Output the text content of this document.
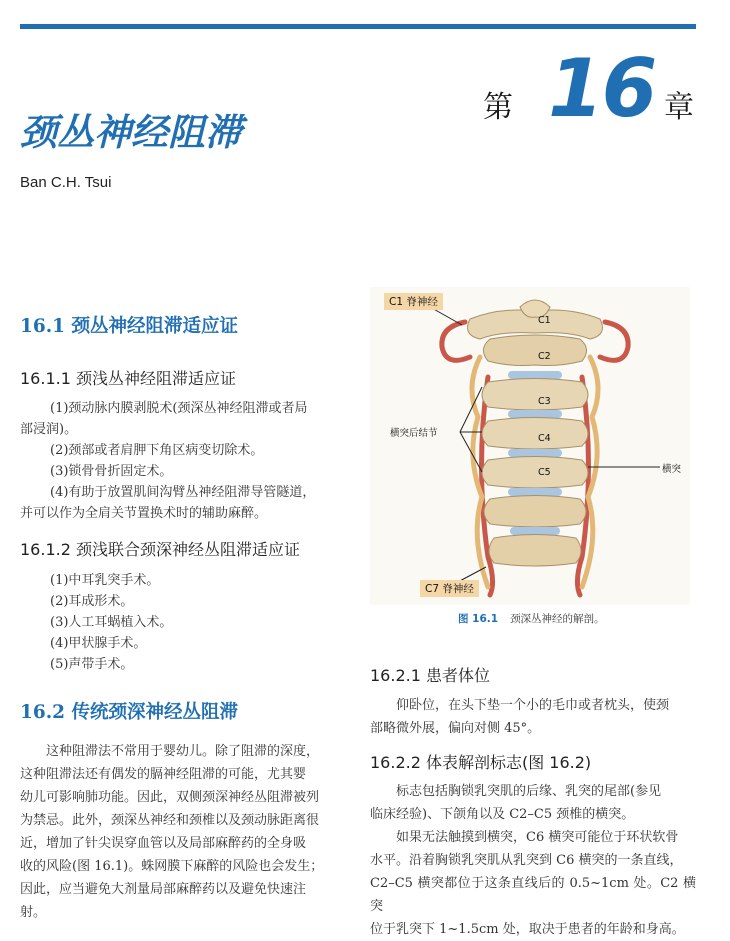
第 16 章
颈丛神经阻滞
Ban C.H. Tsui
16.1 颈丛神经阻滞适应证
16.1.1 颈浅丛神经阻滞适应证
(1)颈动脉内膜剥脱术(颈深丛神经阻滞或者局
部浸润)。
(2)颈部或者肩胛下角区病变切除术。
(3)锁骨骨折固定术。
(4)有助于放置肌间沟臂丛神经阻滞导管隧道，
并可以作为全肩关节置换术时的辅助麻醉。
16.1.2 颈浅联合颈深神经丛阻滞适应证
(1)中耳乳突手术。
(2)耳成形术。
(3)人工耳蜗植入术。
(4)甲状腺手术。
(5)声带手术。
16.2 传统颈深神经丛阻滞
这种阻滞法不常用于婴幼儿。除了阻滞的深度，
这种阻滞法还有偶发的膈神经阻滞的可能，尤其婴
幼儿可影响肺功能。因此，双侧颈深神经丛阻滞被列
为禁忌。此外，颈深丛神经和颈椎以及颈动脉距离很
近，增加了针尖误穿血管以及局部麻醉药的全身吸
收的风险(图 16.1)。蛛网膜下麻醉的风险也会发生；
因此，应当避免大剂量局部麻醉药以及避免快速注
射。
C1 脊神经
C7 脊神经
横突后结节
横突
C1
C2
C3
C4
C5
图 16.1 颈深丛神经的解剖。
16.2.1 患者体位
仰卧位，在头下垫一个小的毛巾或者枕头，使颈
部略微外展，偏向对侧 45°。
16.2.2 体表解剖标志(图 16.2)
标志包括胸锁乳突肌的后缘、乳突的尾部(参见
临床经验)、下颌角以及 C2–C5 颈椎的横突。
如果无法触摸到横突，C6 横突可能位于环状软骨
水平。沿着胸锁乳突肌从乳突到 C6 横突的一条直线，
C2–C5 横突都位于这条直线后的 0.5~1cm 处。C2 横突
位于乳突下 1~1.5cm 处，取决于患者的年龄和身高。
